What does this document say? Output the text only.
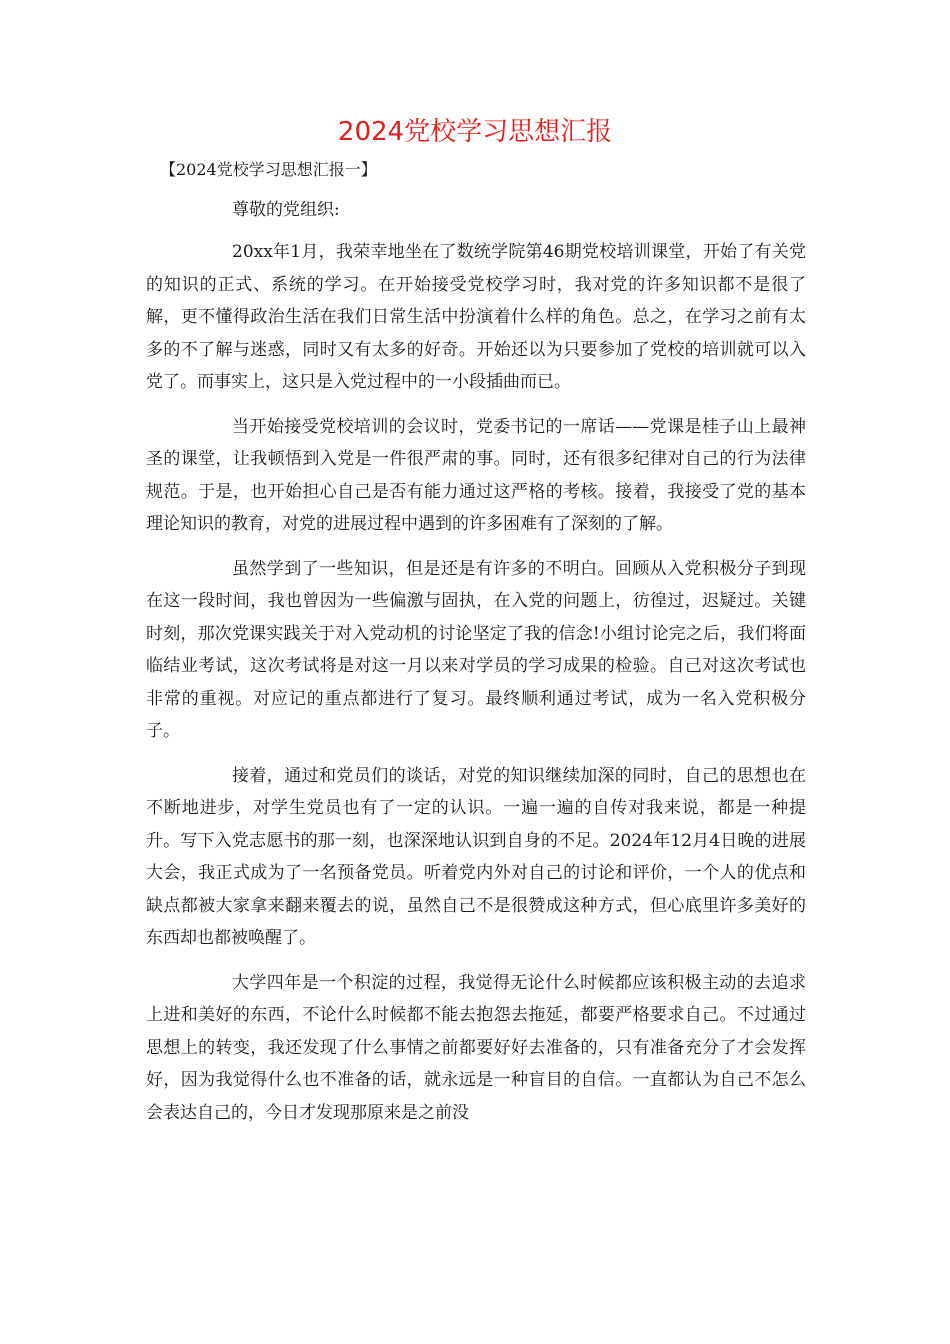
2024党校学习思想汇报
【2024党校学习思想汇报一】

尊敬的党组织:

20xx年1月，我荣幸地坐在了数统学院第46期党校培训课堂，开始了有关党的知识的正式、系统的学习。在开始接受党校学习时，我对党的许多知识都不是很了解，更不懂得政治生活在我们日常生活中扮演着什么样的角色。总之，在学习之前有太多的不了解与迷惑，同时又有太多的好奇。开始还以为只要参加了党校的培训就可以入党了。而事实上，这只是入党过程中的一小段插曲而已。

当开始接受党校培训的会议时，党委书记的一席话——党课是桂子山上最神圣的课堂，让我顿悟到入党是一件很严肃的事。同时，还有很多纪律对自己的行为法律规范。于是，也开始担心自己是否有能力通过这严格的考核。接着，我接受了党的基本理论知识的教育，对党的进展过程中遇到的许多困难有了深刻的了解。

虽然学到了一些知识，但是还是有许多的不明白。回顾从入党积极分子到现在这一段时间，我也曾因为一些偏激与固执，在入党的问题上，彷徨过，迟疑过。关键时刻，那次党课实践关于对入党动机的讨论坚定了我的信念!小组讨论完之后，我们将面临结业考试，这次考试将是对这一月以来对学员的学习成果的检验。自己对这次考试也非常的重视。对应记的重点都进行了复习。最终顺利通过考试，成为一名入党积极分子。

接着，通过和党员们的谈话，对党的知识继续加深的同时，自己的思想也在不断地进步，对学生党员也有了一定的认识。一遍一遍的自传对我来说，都是一种提升。写下入党志愿书的那一刻，也深深地认识到自身的不足。2024年12月4日晚的进展大会，我正式成为了一名预备党员。听着党内外对自己的讨论和评价，一个人的优点和缺点都被大家拿来翻来覆去的说，虽然自己不是很赞成这种方式，但心底里许多美好的东西却也都被唤醒了。

大学四年是一个积淀的过程，我觉得无论什么时候都应该积极主动的去追求上进和美好的东西，不论什么时候都不能去抱怨去拖延，都要严格要求自己。不过通过思想上的转变，我还发现了什么事情之前都要好好去准备的，只有准备充分了才会发挥好，因为我觉得什么也不准备的话，就永远是一种盲目的自信。一直都认为自己不怎么会表达自己的，今日才发现那原来是之前没
